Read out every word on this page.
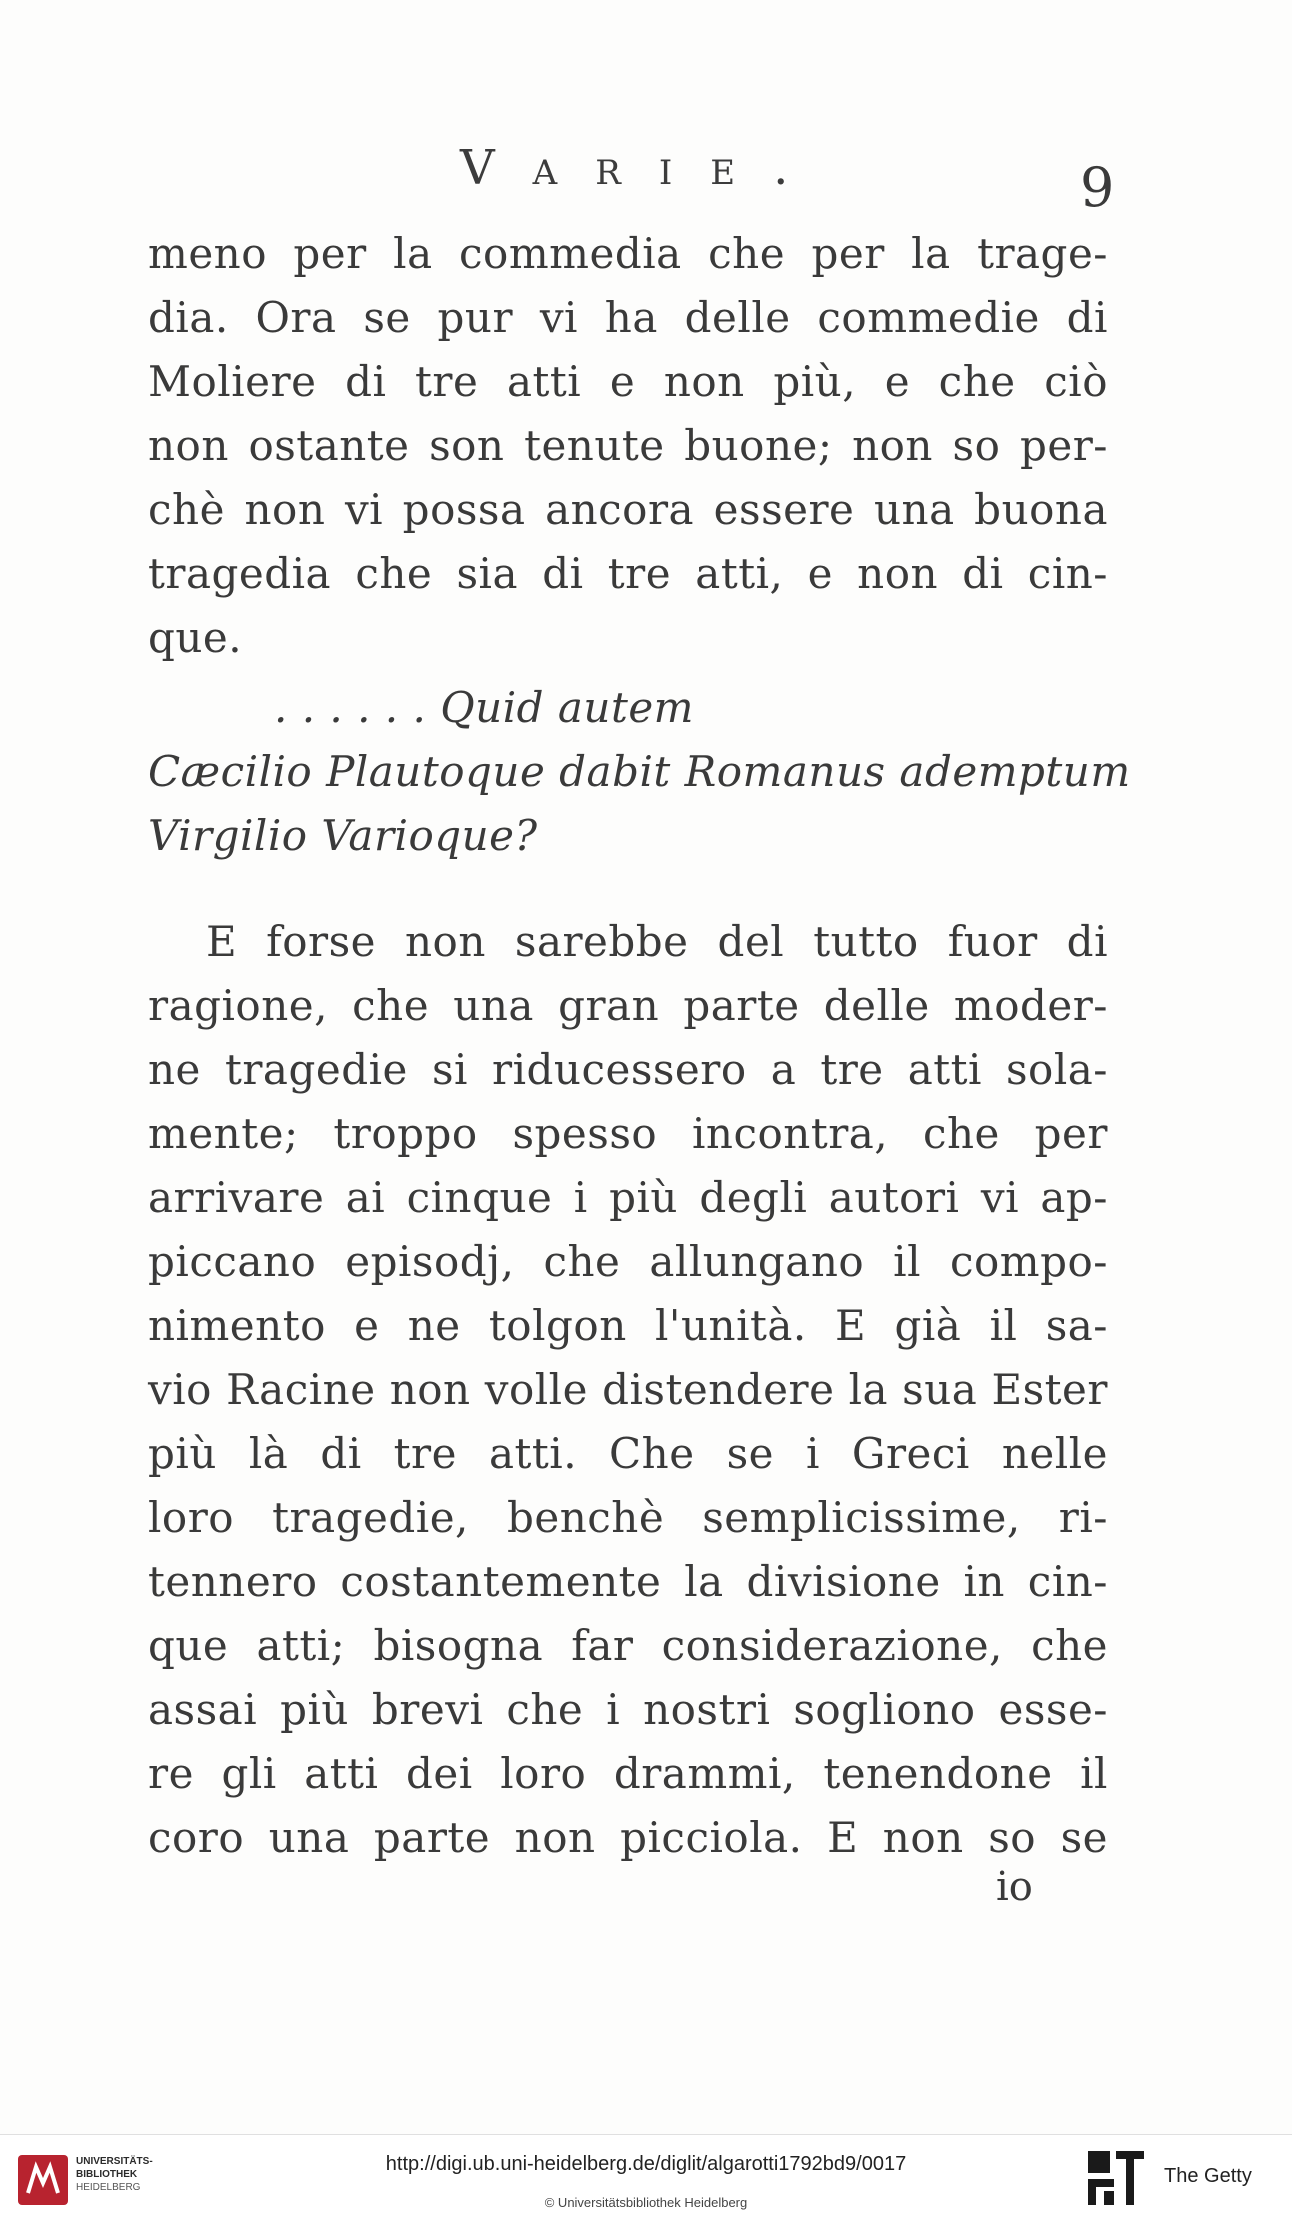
Varie.	9
meno per la commedia che per la trage-
dia. Ora se pur vi ha delle commedie di
Moliere di tre atti e non più, e che ciò
non ostante son tenute buone; non so per-
chè non vi possa ancora essere una buona
tragedia che sia di tre atti, e non di cin-
que.
. . . . . . Quid autem
Cæcilio Plautoque dabit Romanus ademptum
Virgilio Varioque?
E forse non sarebbe del tutto fuor di
ragione, che una gran parte delle moder-
ne tragedie si riducessero a tre atti sola-
mente; troppo spesso incontra, che per
arrivare ai cinque i più degli autori vi ap-
piccano episodj, che allungano il compo-
nimento e ne tolgon l'unità. E già il sa-
vio Racine non volle distendere la sua Ester
più là di tre atti. Che se i Greci nelle
loro tragedie, benchè semplicissime, ri-
tennero costantemente la divisione in cin-
que atti; bisogna far considerazione, che
assai più brevi che i nostri sogliono esse-
re gli atti dei loro drammi, tenendone il
coro una parte non picciola. E non so se
io
UNIVERSITÄTS-
BIBLIOTHEK
HEIDELBERG
http://digi.ub.uni-heidelberg.de/diglit/algarotti1792bd9/0017
© Universitätsbibliothek Heidelberg
The Getty
